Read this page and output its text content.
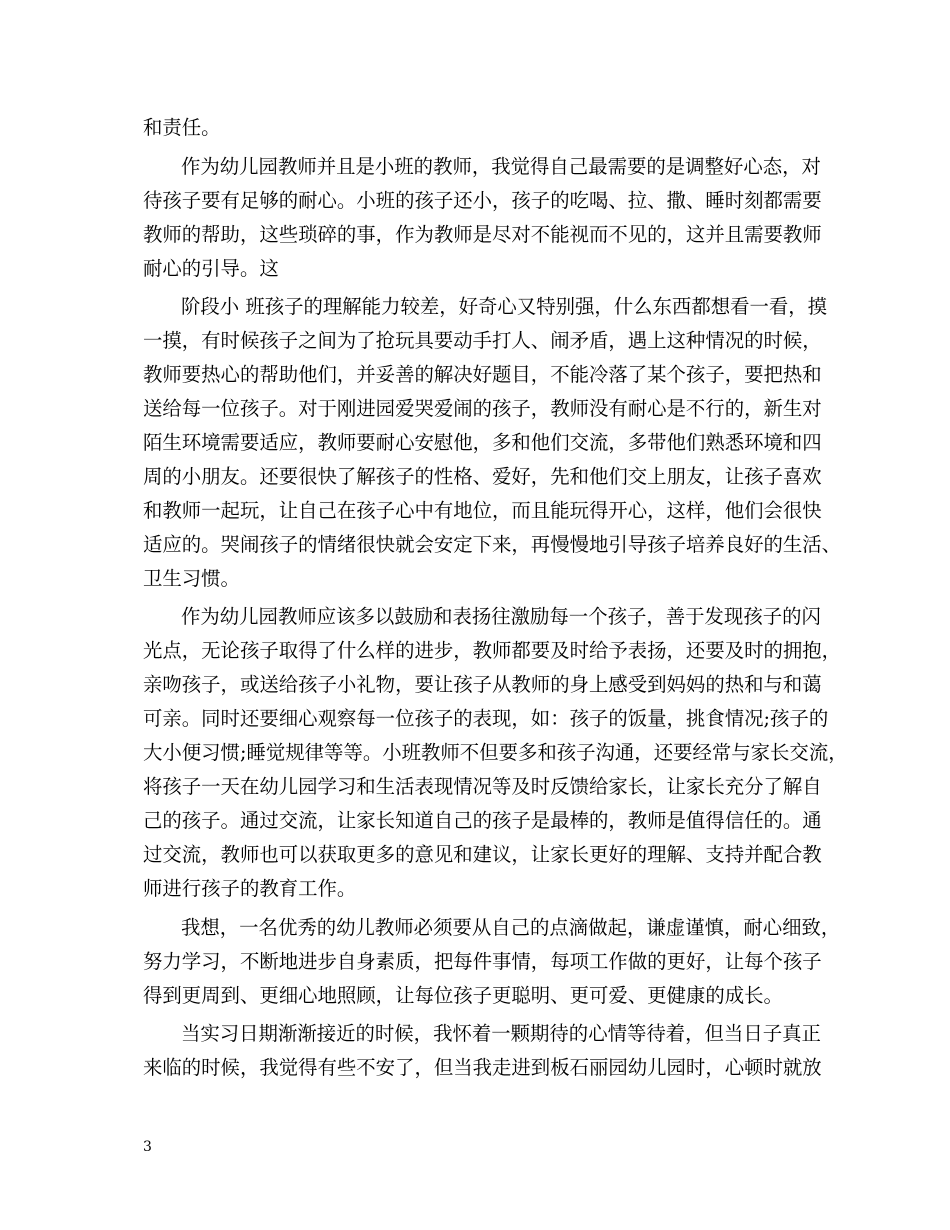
和责任。
作为幼儿园教师并且是小班的教师，我觉得自己最需要的是调整好心态，对
待孩子要有足够的耐心。小班的孩子还小，孩子的吃喝、拉、撒、睡时刻都需要
教师的帮助，这些琐碎的事，作为教师是尽对不能视而不见的，这并且需要教师
耐心的引导。这
阶段小 班孩子的理解能力较差，好奇心又特别强，什么东西都想看一看，摸
一摸，有时候孩子之间为了抢玩具要动手打人、闹矛盾，遇上这种情况的时候，
教师要热心的帮助他们，并妥善的解决好题目，不能冷落了某个孩子，要把热和
送给每一位孩子。对于刚进园爱哭爱闹的孩子，教师没有耐心是不行的，新生对
陌生环境需要适应，教师要耐心安慰他，多和他们交流，多带他们熟悉环境和四
周的小朋友。还要很快了解孩子的性格、爱好，先和他们交上朋友，让孩子喜欢
和教师一起玩，让自己在孩子心中有地位，而且能玩得开心，这样，他们会很快
适应的。哭闹孩子的情绪很快就会安定下来，再慢慢地引导孩子培养良好的生活、
卫生习惯。
作为幼儿园教师应该多以鼓励和表扬往激励每一个孩子，善于发现孩子的闪
光点，无论孩子取得了什么样的进步，教师都要及时给予表扬，还要及时的拥抱，
亲吻孩子，或送给孩子小礼物，要让孩子从教师的身上感受到妈妈的热和与和蔼
可亲。同时还要细心观察每一位孩子的表现，如：孩子的饭量，挑食情况;孩子的
大小便习惯;睡觉规律等等。小班教师不但要多和孩子沟通，还要经常与家长交流，
将孩子一天在幼儿园学习和生活表现情况等及时反馈给家长，让家长充分了解自
己的孩子。通过交流，让家长知道自己的孩子是最棒的，教师是值得信任的。通
过交流，教师也可以获取更多的意见和建议，让家长更好的理解、支持并配合教
师进行孩子的教育工作。
我想，一名优秀的幼儿教师必须要从自己的点滴做起，谦虚谨慎，耐心细致，
努力学习，不断地进步自身素质，把每件事情，每项工作做的更好，让每个孩子
得到更周到、更细心地照顾，让每位孩子更聪明、更可爱、更健康的成长。
当实习日期渐渐接近的时候，我怀着一颗期待的心情等待着，但当日子真正
来临的时候，我觉得有些不安了，但当我走进到板石丽园幼儿园时，心顿时就放
3
